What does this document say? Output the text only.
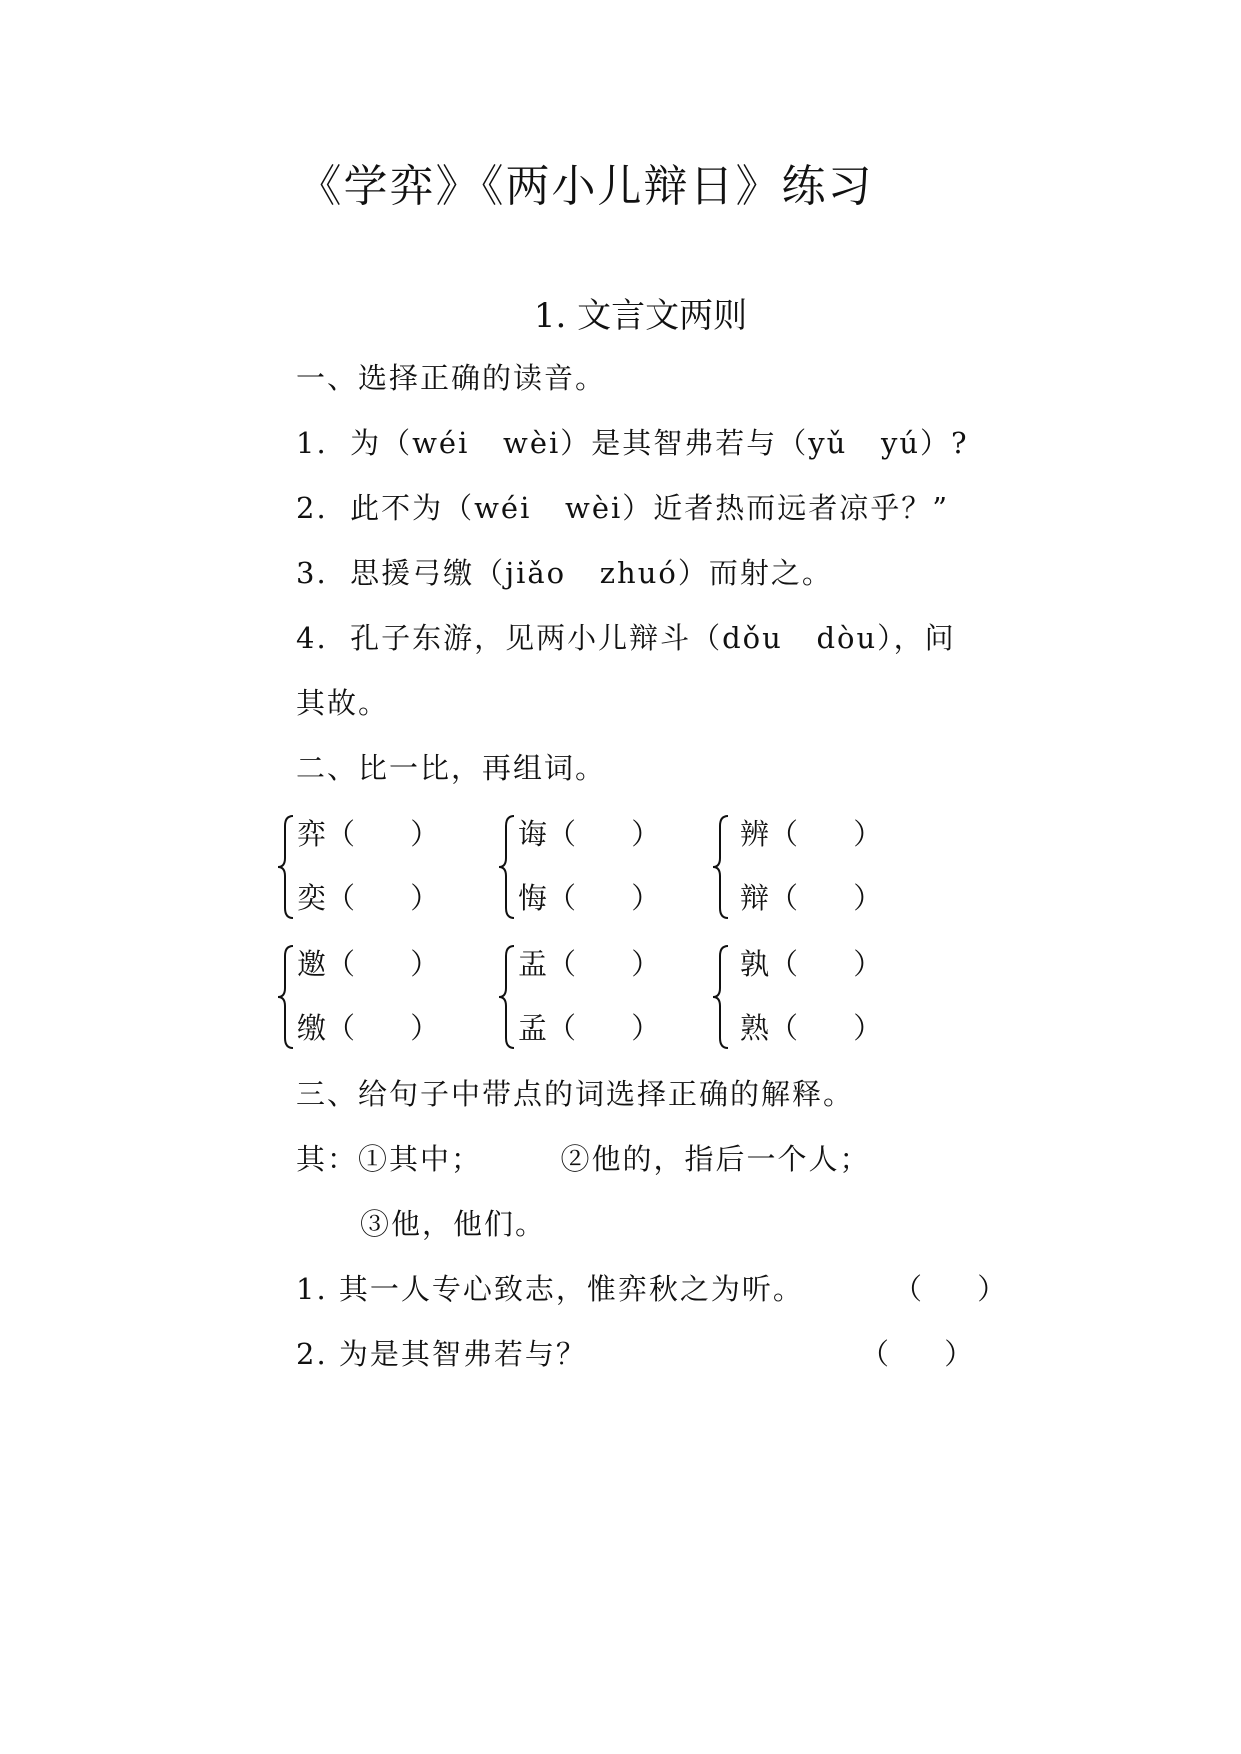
《学弈》《两小儿辩日》练习
1. 文言文两则
一、选择正确的读音。
1.  为（wéi   wèi）是其智弗若与（yǔ   yú）?
2.  此不为（wéi   wèi）近者热而远者凉乎？”
3.  思援弓缴（jiǎo   zhuó）而射之。
4.  孔子东游，见两小儿辩斗（dǒu   dòu），问
其故。
二、比一比，再组词。
弈（      ）
奕（      ）
诲（      ）
悔（      ）
辨（      ）
辩（      ）
邀（      ）
缴（      ）
盂（      ）
孟（      ）
孰（      ）
熟（      ）
三、给句子中带点的词选择正确的解释。
其：①其中；       ②他的，指后一个人；
③他，他们。
1. 其一人专心致志，惟弈秋之为听。	（      ）
2. 为是其智弗若与？	（      ）
